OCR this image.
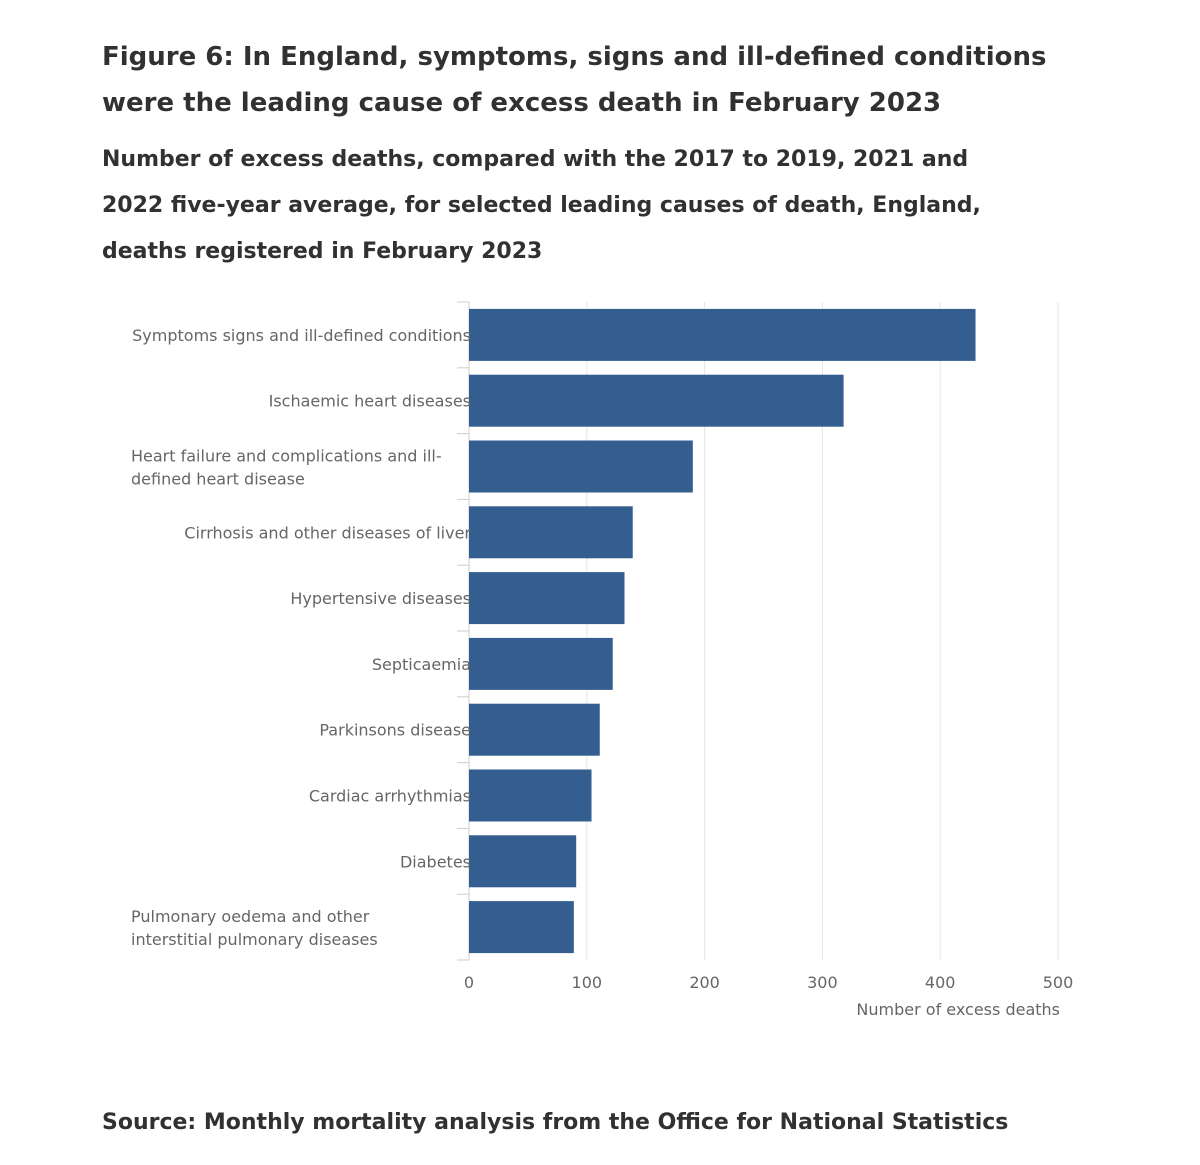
Figure 6: In England, symptoms, signs and ill-defined conditions were the leading cause of excess death in February 2023
Number of excess deaths, compared with the 2017 to 2019, 2021 and 2022 five-year average, for selected leading causes of death, England, deaths registered in February 2023
Symptoms signs and ill-defined conditions
Ischaemic heart diseases
Heart failure and complications and ill-
defined heart disease
Cirrhosis and other diseases of liver
Hypertensive diseases
Septicaemia
Parkinsons disease
Cardiac arrhythmias
Diabetes
Pulmonary oedema and other
interstitial pulmonary diseases
0	100	200	300	400	500
Number of excess deaths

Source: Monthly mortality analysis from the Office for National Statistics
